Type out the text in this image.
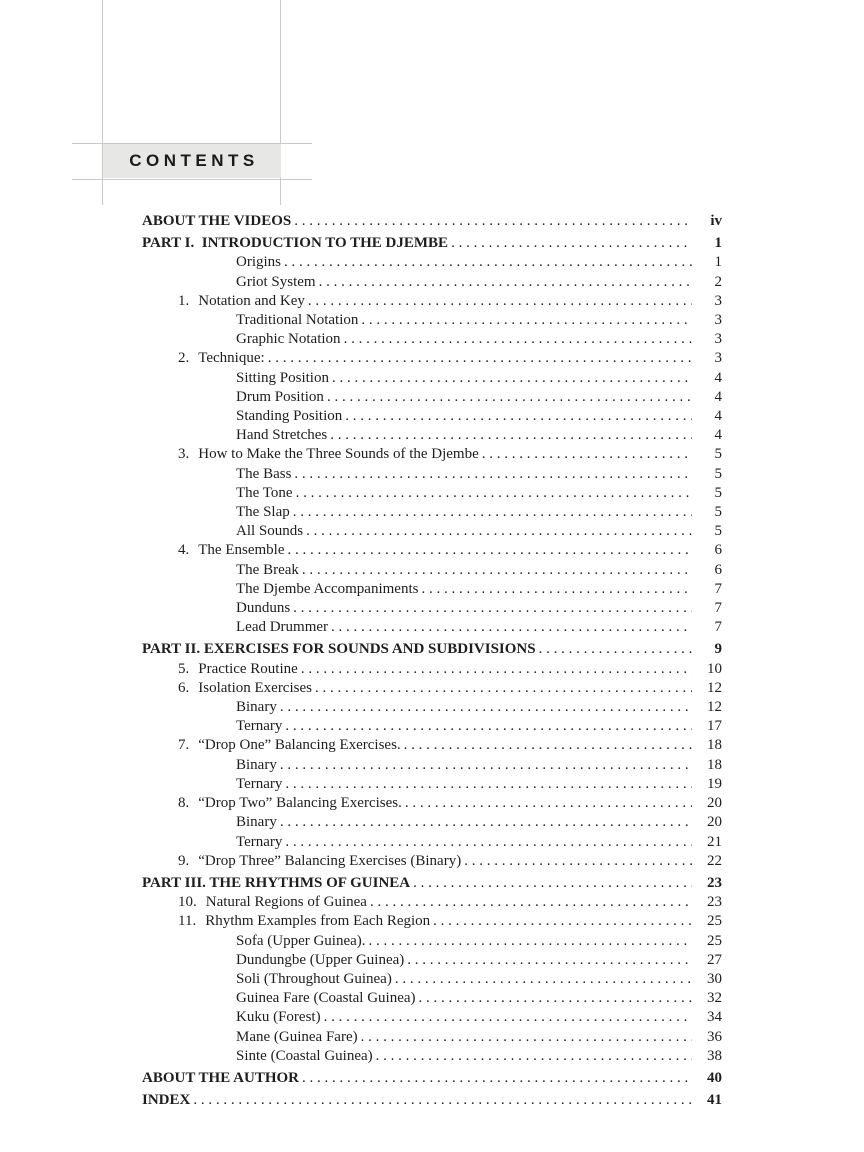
CONTENTS
ABOUT THE VIDEOS . . .	iv
PART I.  INTRODUCTION TO THE DJEMBE . . .	1
Origins . . .	1
Griot System . . .	2
1. Notation and Key . . .	3
Traditional Notation . . .	3
Graphic Notation . . .	3
2. Technique: . . .	3
Sitting Position . . .	4
Drum Position . . .	4
Standing Position . . .	4
Hand Stretches . . .	4
3. How to Make the Three Sounds of the Djembe . . .	5
The Bass . . .	5
The Tone . . .	5
The Slap . . .	5
All Sounds . . .	5
4. The Ensemble . . .	6
The Break . . .	6
The Djembe Accompaniments . . .	7
Dunduns . . .	7
Lead Drummer . . .	7
PART II. EXERCISES FOR SOUNDS AND SUBDIVISIONS . . .	9
5. Practice Routine . . .	10
6. Isolation Exercises . . .	12
Binary . . .	12
Ternary . . .	17
7. “Drop One” Balancing Exercises. . . .	18
Binary . . .	18
Ternary . . .	19
8. “Drop Two” Balancing Exercises. . . .	20
Binary . . .	20
Ternary . . .	21
9. “Drop Three” Balancing Exercises (Binary) . . .	22
PART III. THE RHYTHMS OF GUINEA . . .	23
10. Natural Regions of Guinea . . .	23
11. Rhythm Examples from Each Region . . .	25
Sofa (Upper Guinea). . . .	25
Dundungbe (Upper Guinea) . . .	27
Soli (Throughout Guinea) . . .	30
Guinea Fare (Coastal Guinea) . . .	32
Kuku (Forest) . . .	34
Mane (Guinea Fare) . . .	36
Sinte (Coastal Guinea) . . .	38
ABOUT THE AUTHOR . . .	40
INDEX . . .	41
